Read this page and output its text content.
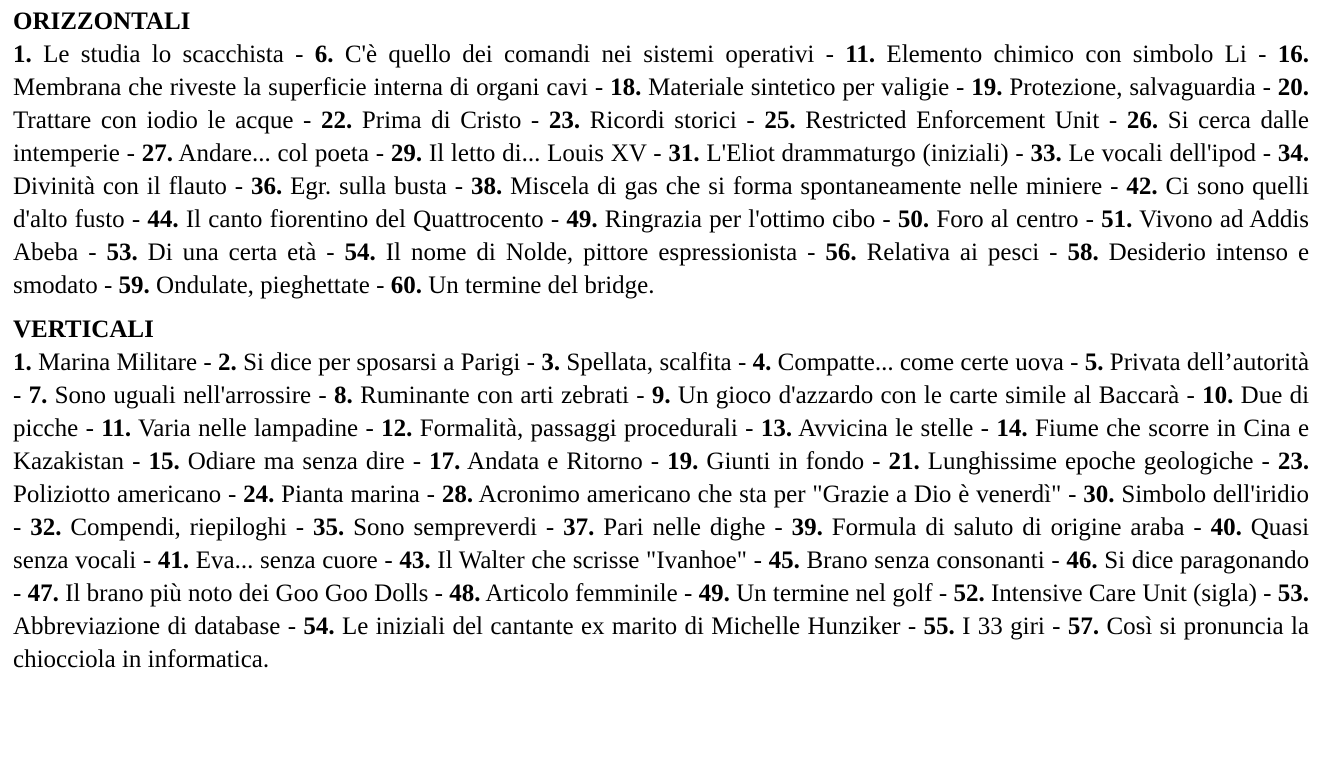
ORIZZONTALI

1. Le studia lo scacchista - 6. C'è quello dei comandi nei sistemi operativi - 11. Elemento chimico con simbolo Li - 16. Membrana che riveste la superficie interna di organi cavi - 18. Materiale sintetico per valigie - 19. Protezione, salvaguardia - 20. Trattare con iodio le acque - 22. Prima di Cristo - 23. Ricordi storici - 25. Restricted Enforcement Unit - 26. Si cerca dalle intemperie - 27. Andare... col poeta - 29. Il letto di... Louis XV - 31. L'Eliot drammaturgo (iniziali) - 33. Le vocali dell'ipod - 34. Divinità con il flauto - 36. Egr. sulla busta - 38. Miscela di gas che si forma spontaneamente nelle miniere - 42. Ci sono quelli d'alto fusto - 44. Il canto fiorentino del Quattrocento - 49. Ringrazia per l'ottimo cibo - 50. Foro al centro - 51. Vivono ad Addis Abeba - 53. Di una certa età - 54. Il nome di Nolde, pittore espressionista - 56. Relativa ai pesci - 58. Desiderio intenso e smodato - 59. Ondulate, pieghettate - 60. Un termine del bridge.

VERTICALI

1. Marina Militare - 2. Si dice per sposarsi a Parigi - 3. Spellata, scalfita - 4. Compatte... come certe uova - 5. Privata dell’autorità - 7. Sono uguali nell'arrossire - 8. Ruminante con arti zebrati - 9. Un gioco d'azzardo con le carte simile al Baccarà - 10. Due di picche - 11. Varia nelle lampadine - 12. Formalità, passaggi procedurali - 13. Avvicina le stelle - 14. Fiume che scorre in Cina e Kazakistan - 15. Odiare ma senza dire - 17. Andata e Ritorno - 19. Giunti in fondo - 21. Lunghissime epoche geologiche - 23. Poliziotto americano - 24. Pianta marina - 28. Acronimo americano che sta per "Grazie a Dio è venerdì" - 30. Simbolo dell'iridio - 32. Compendi, riepiloghi - 35. Sono sempreverdi - 37. Pari nelle dighe - 39. Formula di saluto di origine araba - 40. Quasi senza vocali - 41. Eva... senza cuore - 43. Il Walter che scrisse "Ivanhoe" - 45. Brano senza consonanti - 46. Si dice paragonando - 47. Il brano più noto dei Goo Goo Dolls - 48. Articolo femminile - 49. Un termine nel golf - 52. Intensive Care Unit (sigla) - 53. Abbreviazione di database - 54. Le iniziali del cantante ex marito di Michelle Hunziker - 55. I 33 giri - 57. Così si pronuncia la chiocciola in informatica.
